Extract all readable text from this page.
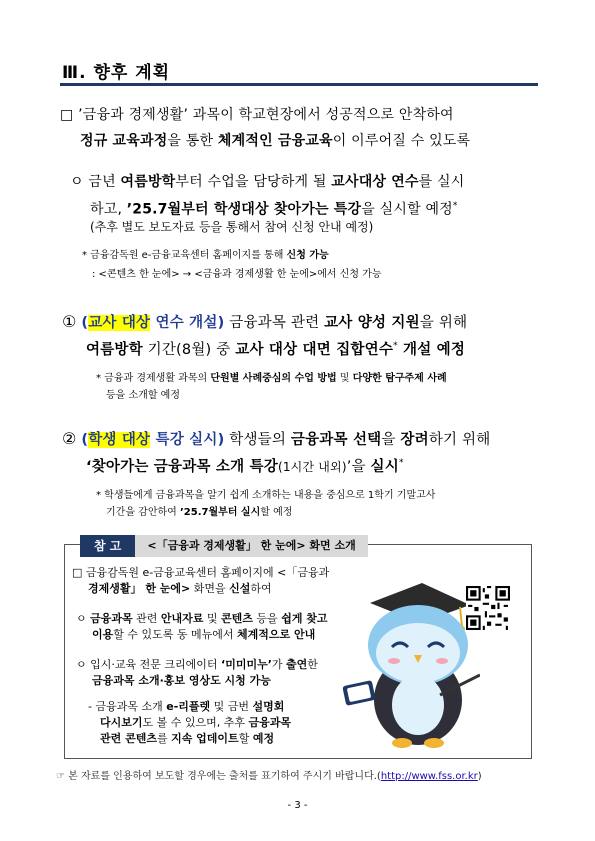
Ⅲ. 향후 계획
□ ’금융과 경제생활’ 과목이 학교현장에서 성공적으로 안착하여
정규 교육과정을 통한 체계적인 금융교육이 이루어질 수 있도록
ㅇ 금년 여름방학부터 수업을 담당하게 될 교사대상 연수를 실시
하고, ’25.7월부터 학생대상 찾아가는 특강을 실시할 예정*
(추후 별도 보도자료 등을 통해서 참여 신청 안내 예정)
* 금융감독원 e-금융교육센터 홈페이지를 통해 신청 가능
: <콘텐츠 한 눈에> → <금융과 경제생활 한 눈에>에서 신청 가능
① (교사 대상 연수 개설) 금융과목 관련 교사 양성 지원을 위해
여름방학 기간(8월) 중 교사 대상 대면 집합연수* 개설 예정
* 금융과 경제생활 과목의 단원별 사례중심의 수업 방법 및 다양한 탐구주제 사례
등을 소개할 예정
② (학생 대상 특강 실시) 학생들의 금융과목 선택을 장려하기 위해
‘찾아가는 금융과목 소개 특강(1시간 내외)’을 실시*
* 학생들에게 금융과목을 알기 쉽게 소개하는 내용을 중심으로 1학기 기말고사
기간을 감안하여 ’25.7월부터 실시할 예정
참 고	<「금융과 경제생활」 한 눈에> 화면 소개
□ 금융감독원 e-금융교육센터 홈페이지에 <「금융과
경제생활」 한 눈에> 화면을 신설하여
ㅇ 금융과목 관련 안내자료 및 콘텐츠 등을 쉽게 찾고
이용할 수 있도록 동 메뉴에서 체계적으로 안내
ㅇ 입시·교육 전문 크리에이터 ‘미미미누’가 출연한
금융과목 소개·홍보 영상도 시청 가능
- 금융과목 소개 e-리플렛 및 금번 설명회
다시보기도 볼 수 있으며, 추후 금융과목
관련 콘텐츠를 지속 업데이트할 예정
☞ 본 자료를 인용하여 보도할 경우에는 출처를 표기하여 주시기 바랍니다.(http://www.fss.or.kr)
- 3 -
